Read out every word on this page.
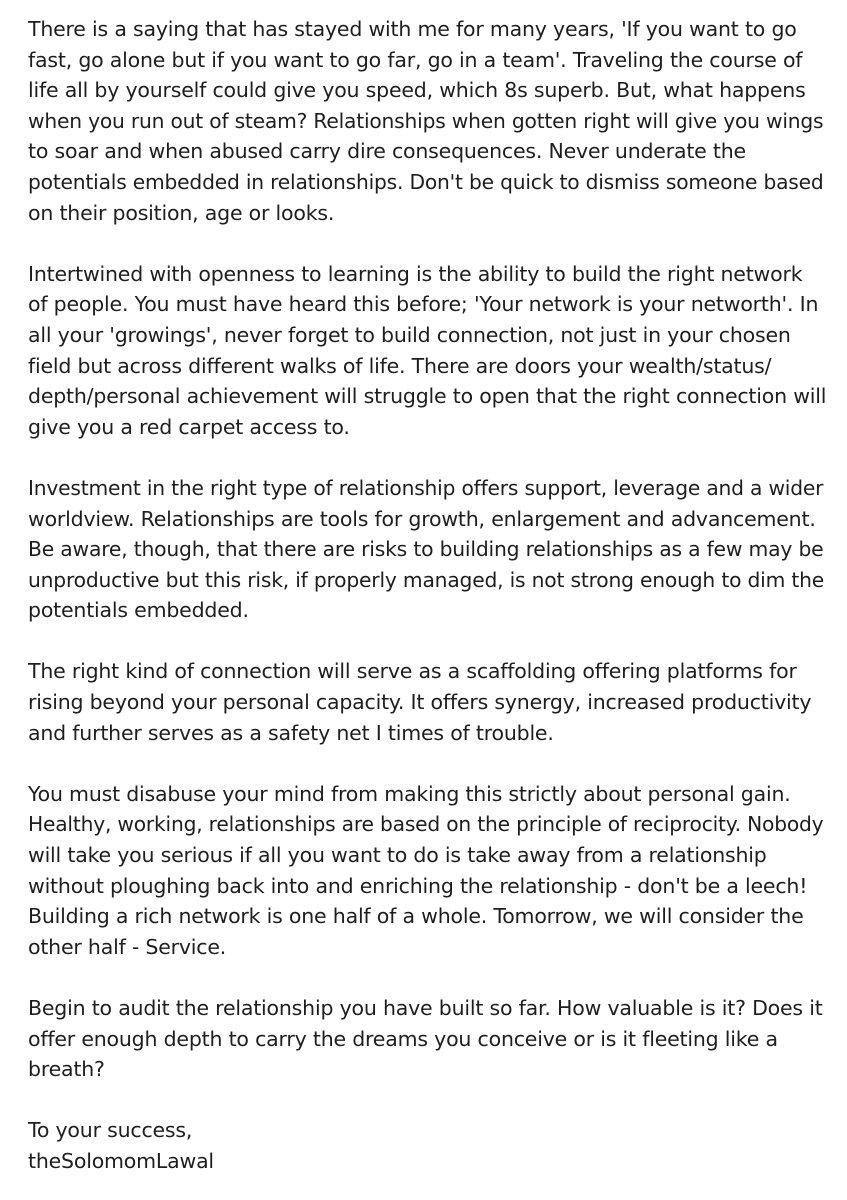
There is a saying that has stayed with me for many years, 'If you want to go
fast, go alone but if you want to go far, go in a team'. Traveling the course of
life all by yourself could give you speed, which 8s superb. But, what happens
when you run out of steam? Relationships when gotten right will give you wings
to soar and when abused carry dire consequences. Never underate the
potentials embedded in relationships. Don't be quick to dismiss someone based
on their position, age or looks.
Intertwined with openness to learning is the ability to build the right network
of people. You must have heard this before; 'Your network is your networth'. In
all your 'growings', never forget to build connection, not just in your chosen
field but across different walks of life. There are doors your wealth/status/
depth/personal achievement will struggle to open that the right connection will
give you a red carpet access to.
Investment in the right type of relationship offers support, leverage and a wider
worldview. Relationships are tools for growth, enlargement and advancement.
Be aware, though, that there are risks to building relationships as a few may be
unproductive but this risk, if properly managed, is not strong enough to dim the
potentials embedded.
The right kind of connection will serve as a scaffolding offering platforms for
rising beyond your personal capacity. It offers synergy, increased productivity
and further serves as a safety net I times of trouble.
You must disabuse your mind from making this strictly about personal gain.
Healthy, working, relationships are based on the principle of reciprocity. Nobody
will take you serious if all you want to do is take away from a relationship
without ploughing back into and enriching the relationship - don't be a leech!
Building a rich network is one half of a whole. Tomorrow, we will consider the
other half - Service.
Begin to audit the relationship you have built so far. How valuable is it? Does it
offer enough depth to carry the dreams you conceive or is it fleeting like a
breath?
To your success,
theSolomomLawal
